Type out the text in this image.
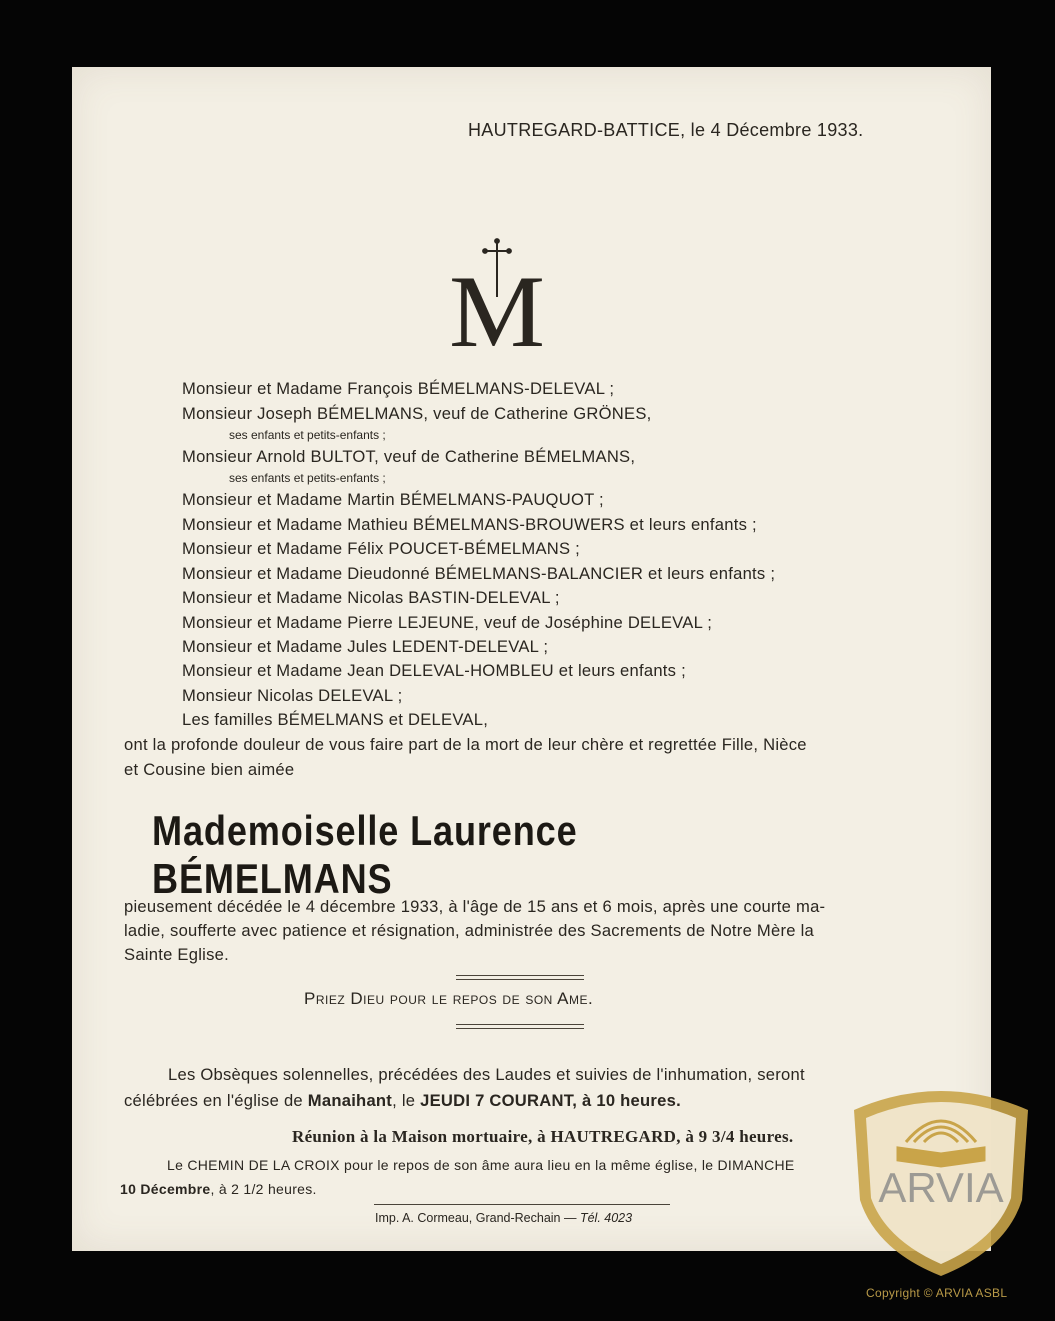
HAUTREGARD-BATTICE, le 4 Décembre 1933.
M
Monsieur et Madame François BÉMELMANS-DELEVAL ;
Monsieur Joseph BÉMELMANS, veuf de Catherine GRÖNES,
ses enfants et petits-enfants ;
Monsieur Arnold BULTOT, veuf de Catherine BÉMELMANS,
ses enfants et petits-enfants ;
Monsieur et Madame Martin BÉMELMANS-PAUQUOT ;
Monsieur et Madame Mathieu BÉMELMANS-BROUWERS et leurs enfants ;
Monsieur et Madame Félix POUCET-BÉMELMANS ;
Monsieur et Madame Dieudonné BÉMELMANS-BALANCIER et leurs enfants ;
Monsieur et Madame Nicolas BASTIN-DELEVAL ;
Monsieur et Madame Pierre LEJEUNE, veuf de Joséphine DELEVAL ;
Monsieur et Madame Jules LEDENT-DELEVAL ;
Monsieur et Madame Jean DELEVAL-HOMBLEU et leurs enfants ;
Monsieur Nicolas DELEVAL ;
Les familles BÉMELMANS et DELEVAL,
ont la profonde douleur de vous faire part de la mort de leur chère et regrettée Fille, Nièce
et Cousine bien aimée
Mademoiselle Laurence BÉMELMANS
pieusement décédée le 4 décembre 1933, à l'âge de 15 ans et 6 mois, après une courte ma-
ladie, soufferte avec patience et résignation, administrée des Sacrements de Notre Mère la
Sainte Eglise.
Priez Dieu pour le repos de son Ame.
Les Obsèques solennelles, précédées des Laudes et suivies de l'inhumation, seront
célébrées en l'église de Manaihant, le JEUDI 7 COURANT, à 10 heures.
Réunion à la Maison mortuaire, à HAUTREGARD, à 9 3/4 heures.
Le CHEMIN DE LA CROIX pour le repos de son âme aura lieu en la même église, le DIMANCHE
10 Décembre, à 2 1/2 heures.
Imp. A. Cormeau, Grand-Rechain — Tél. 4023
ARVIA
Copyright © ARVIA ASBL
